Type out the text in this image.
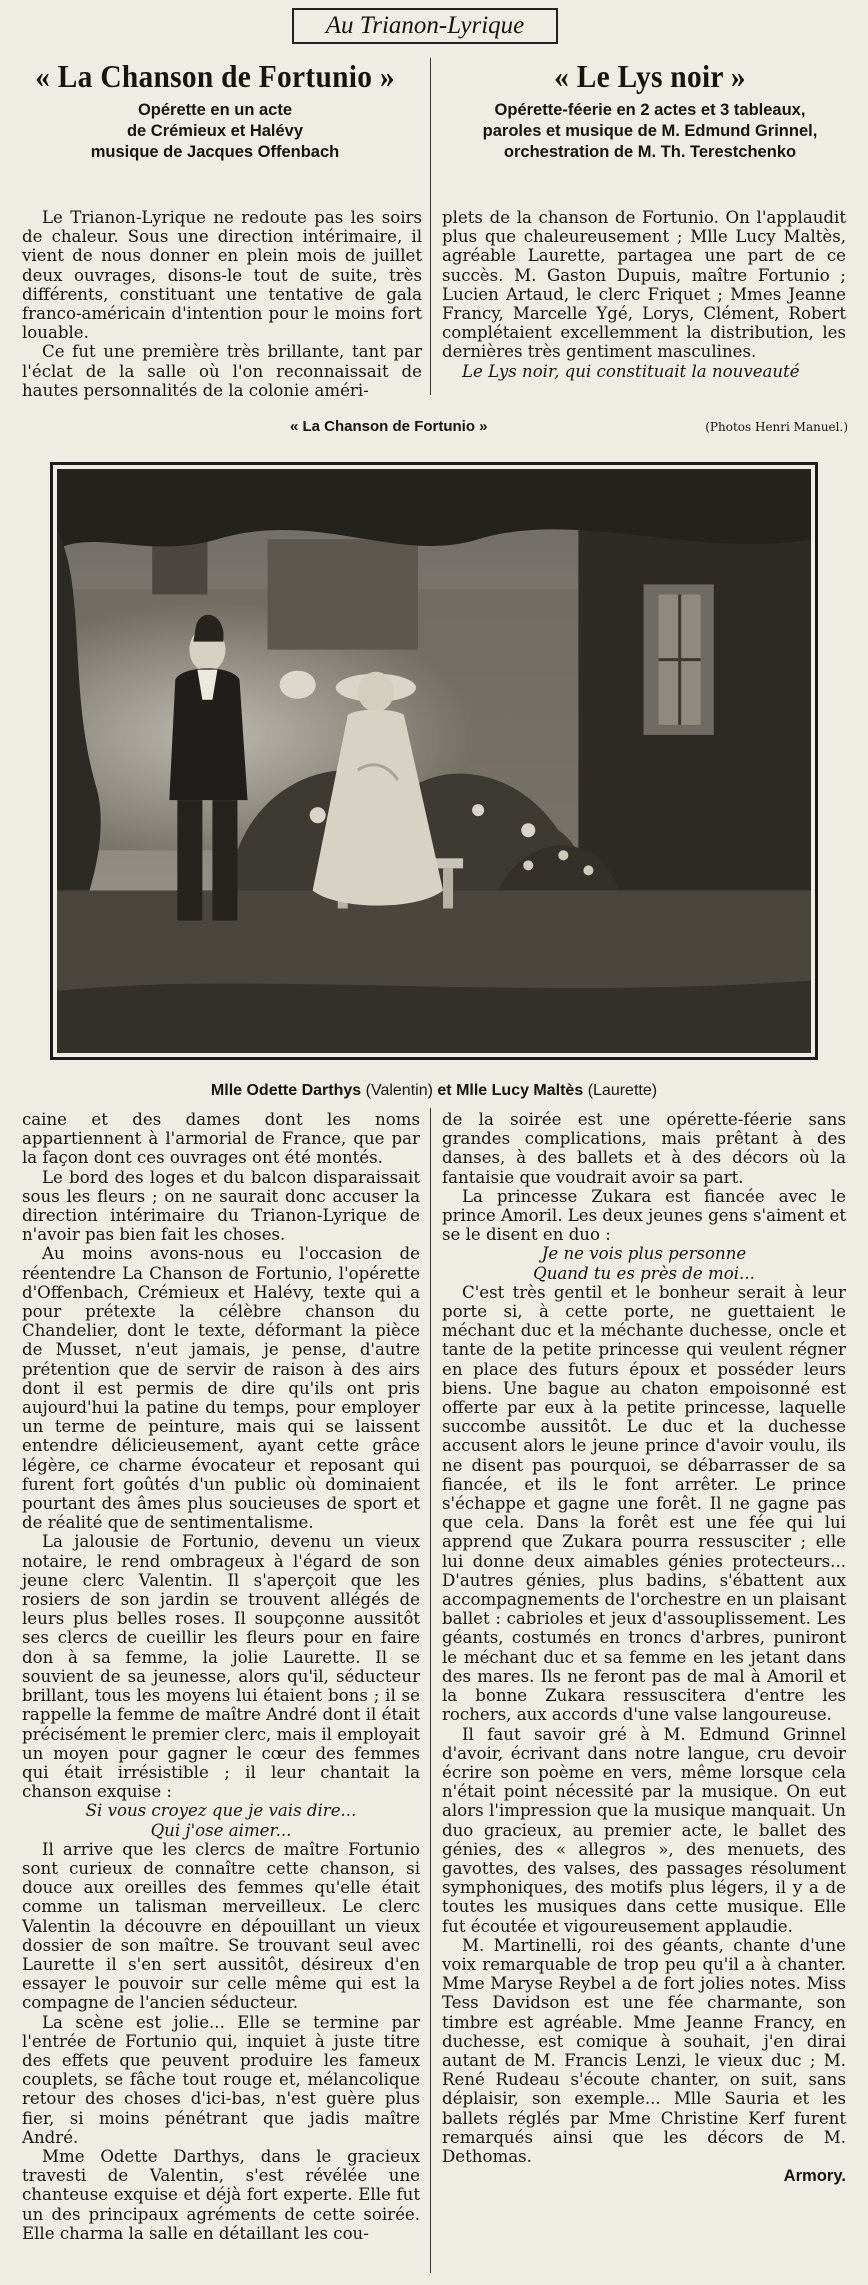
Au Trianon-Lyrique
« La Chanson de Fortunio »
Opérette en un acte
de Crémieux et Halévy
musique de Jacques Offenbach
« Le Lys noir »
Opérette-féerie en 2 actes et 3 tableaux,
paroles et musique de M. Edmund Grinnel,
orchestration de M. Th. Terestchenko

Le Trianon-Lyrique ne redoute pas les soirs de chaleur. Sous une direction intérimaire, il vient de nous donner en plein mois de juillet deux ouvrages, disons-le tout de suite, très différents, constituant une tentative de gala franco-américain d'intention pour le moins fort louable.

Ce fut une première très brillante, tant par l'éclat de la salle où l'on reconnaissait de hautes personnalités de la colonie améri-

plets de la chanson de Fortunio. On l'applaudit plus que chaleureusement ; Mlle Lucy Maltès, agréable Laurette, partagea une part de ce succès. M. Gaston Dupuis, maître Fortunio ; Lucien Artaud, le clerc Friquet ; Mmes Jeanne Francy, Marcelle Ygé, Lorys, Clément, Robert complétaient excellemment la distribution, les dernières très gentiment masculines.

Le Lys noir, qui constituait la nouveauté

« La Chanson de Fortunio »	(Photos Henri Manuel.)
Mlle Odette Darthys (Valentin) et Mlle Lucy Maltès (Laurette)

caine et des dames dont les noms appartiennent à l'armorial de France, que par la façon dont ces ouvrages ont été montés.

Le bord des loges et du balcon disparaissait sous les fleurs ; on ne saurait donc accuser la direction intérimaire du Trianon-Lyrique de n'avoir pas bien fait les choses.

Au moins avons-nous eu l'occasion de réentendre La Chanson de Fortunio, l'opérette d'Offenbach, Crémieux et Halévy, texte qui a pour prétexte la célèbre chanson du Chandelier, dont le texte, déformant la pièce de Musset, n'eut jamais, je pense, d'autre prétention que de servir de raison à des airs dont il est permis de dire qu'ils ont pris aujourd'hui la patine du temps, pour employer un terme de peinture, mais qui se laissent entendre délicieusement, ayant cette grâce légère, ce charme évocateur et reposant qui furent fort goûtés d'un public où dominaient pourtant des âmes plus soucieuses de sport et de réalité que de sentimentalisme.

La jalousie de Fortunio, devenu un vieux notaire, le rend ombrageux à l'égard de son jeune clerc Valentin. Il s'aperçoit que les rosiers de son jardin se trouvent allégés de leurs plus belles roses. Il soupçonne aussitôt ses clercs de cueillir les fleurs pour en faire don à sa femme, la jolie Laurette. Il se souvient de sa jeunesse, alors qu'il, séducteur brillant, tous les moyens lui étaient bons ; il se rappelle la femme de maître André dont il était précisément le premier clerc, mais il employait un moyen pour gagner le cœur des femmes qui était irrésistible ; il leur chantait la chanson exquise :

Si vous croyez que je vais dire...

Qui j'ose aimer...

Il arrive que les clercs de maître Fortunio sont curieux de connaître cette chanson, si douce aux oreilles des femmes qu'elle était comme un talisman merveilleux. Le clerc Valentin la découvre en dépouillant un vieux dossier de son maître. Se trouvant seul avec Laurette il s'en sert aussitôt, désireux d'en essayer le pouvoir sur celle même qui est la compagne de l'ancien séducteur.

La scène est jolie... Elle se termine par l'entrée de Fortunio qui, inquiet à juste titre des effets que peuvent produire les fameux couplets, se fâche tout rouge et, mélancolique retour des choses d'ici-bas, n'est guère plus fier, si moins pénétrant que jadis maître André.

Mme Odette Darthys, dans le gracieux travesti de Valentin, s'est révélée une chanteuse exquise et déjà fort experte. Elle fut un des principaux agréments de cette soirée. Elle charma la salle en détaillant les cou-

de la soirée est une opérette-féerie sans grandes complications, mais prêtant à des danses, à des ballets et à des décors où la fantaisie que voudrait avoir sa part.

La princesse Zukara est fiancée avec le prince Amoril. Les deux jeunes gens s'aiment et se le disent en duo :

Je ne vois plus personne

Quand tu es près de moi...

C'est très gentil et le bonheur serait à leur porte si, à cette porte, ne guettaient le méchant duc et la méchante duchesse, oncle et tante de la petite princesse qui veulent régner en place des futurs époux et posséder leurs biens. Une bague au chaton empoisonné est offerte par eux à la petite princesse, laquelle succombe aussitôt. Le duc et la duchesse accusent alors le jeune prince d'avoir voulu, ils ne disent pas pourquoi, se débarrasser de sa fiancée, et ils le font arrêter. Le prince s'échappe et gagne une forêt. Il ne gagne pas que cela. Dans la forêt est une fée qui lui apprend que Zukara pourra ressusciter ; elle lui donne deux aimables génies protecteurs... D'autres génies, plus badins, s'ébattent aux accompagnements de l'orchestre en un plaisant ballet : cabrioles et jeux d'assouplissement. Les géants, costumés en troncs d'arbres, puniront le méchant duc et sa femme en les jetant dans des mares. Ils ne feront pas de mal à Amoril et la bonne Zukara ressuscitera d'entre les rochers, aux accords d'une valse langoureuse.

Il faut savoir gré à M. Edmund Grinnel d'avoir, écrivant dans notre langue, cru devoir écrire son poème en vers, même lorsque cela n'était point nécessité par la musique. On eut alors l'impression que la musique manquait. Un duo gracieux, au premier acte, le ballet des génies, des « allegros », des menuets, des gavottes, des valses, des passages résolument symphoniques, des motifs plus légers, il y a de toutes les musiques dans cette musique. Elle fut écoutée et vigoureusement applaudie.

M. Martinelli, roi des géants, chante d'une voix remarquable de trop peu qu'il a à chanter. Mme Maryse Reybel a de fort jolies notes. Miss Tess Davidson est une fée charmante, son timbre est agréable. Mme Jeanne Francy, en duchesse, est comique à souhait, j'en dirai autant de M. Francis Lenzi, le vieux duc ; M. René Rudeau s'écoute chanter, on suit, sans déplaisir, son exemple... Mlle Sauria et les ballets réglés par Mme Christine Kerf furent remarqués ainsi que les décors de M. Dethomas.

Armory.
